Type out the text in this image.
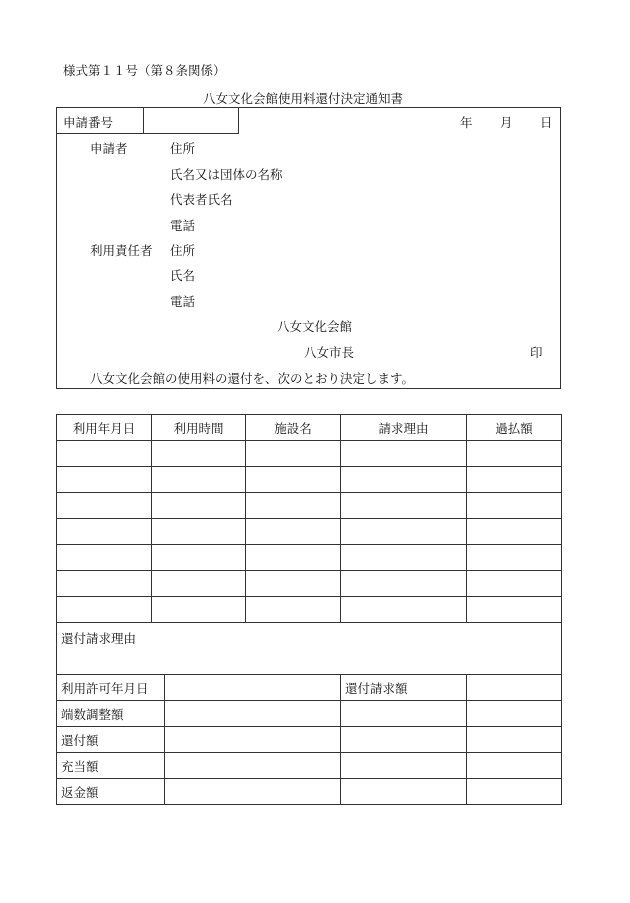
様式第１１号（第８条関係）
八女文化会館使用料還付決定通知書
申請番号	年 月 日
申請者	住所
氏名又は団体の名称
代表者氏名
電話
利用責任者 住所
氏名
電話
八女文化会館
八女市長	印
八女文化会館の使用料の還付を、次のとおり決定します。
利用年月日	利用時間	施設名	請求理由	過払額

還付請求理由				
利用許可年月日		還付請求額	
端数調整額			
還付額			
充当額			
返金額			
